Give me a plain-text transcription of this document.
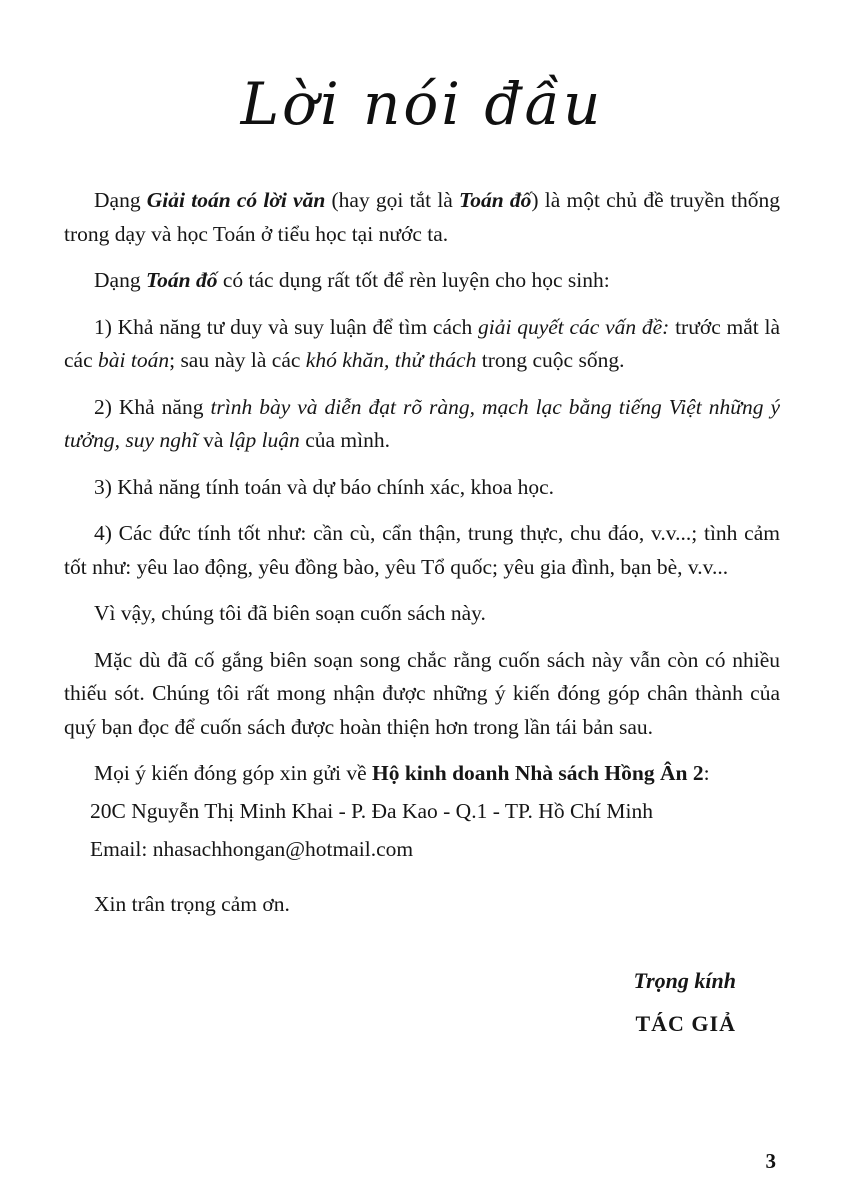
Lời nói đầu

Dạng Giải toán có lời văn (hay gọi tắt là Toán đố) là một chủ đề truyền thống trong dạy và học Toán ở tiểu học tại nước ta.

Dạng Toán đố có tác dụng rất tốt để rèn luyện cho học sinh:

1) Khả năng tư duy và suy luận để tìm cách giải quyết các vấn đề: trước mắt là các bài toán; sau này là các khó khăn, thử thách trong cuộc sống.

2) Khả năng trình bày và diễn đạt rõ ràng, mạch lạc bằng tiếng Việt những ý tưởng, suy nghĩ và lập luận của mình.

3) Khả năng tính toán và dự báo chính xác, khoa học.

4) Các đức tính tốt như: cần cù, cẩn thận, trung thực, chu đáo, v.v...; tình cảm tốt như: yêu lao động, yêu đồng bào, yêu Tổ quốc; yêu gia đình, bạn bè, v.v...

Vì vậy, chúng tôi đã biên soạn cuốn sách này.

Mặc dù đã cố gắng biên soạn song chắc rằng cuốn sách này vẫn còn có nhiều thiếu sót. Chúng tôi rất mong nhận được những ý kiến đóng góp chân thành của quý bạn đọc để cuốn sách được hoàn thiện hơn trong lần tái bản sau.

Mọi ý kiến đóng góp xin gửi về Hộ kinh doanh Nhà sách Hồng Ân 2:

20C Nguyễn Thị Minh Khai - P. Đa Kao - Q.1 - TP. Hồ Chí Minh

Email: nhasachhongan@hotmail.com

Xin trân trọng cảm ơn.

Trọng kính
TÁC GIẢ
3
